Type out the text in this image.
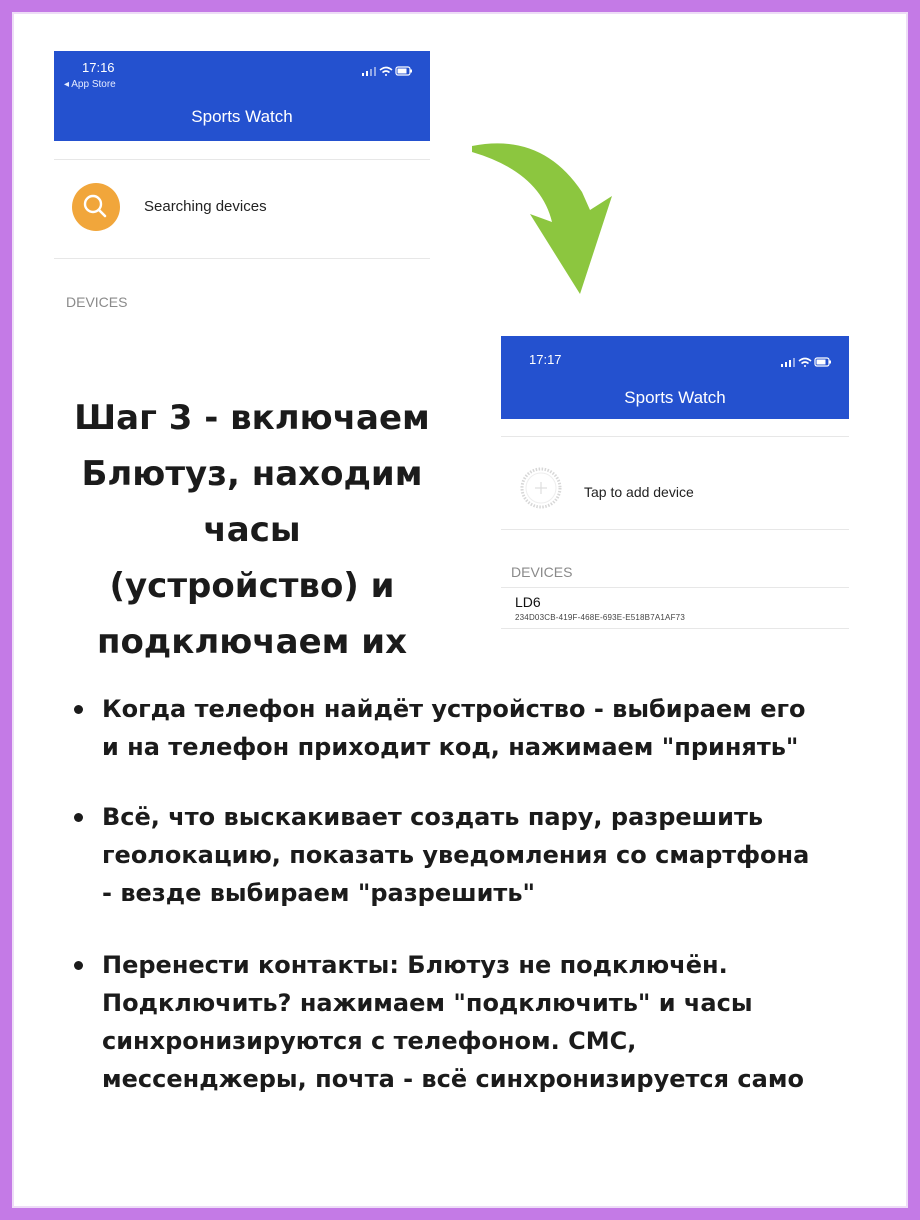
17:16
◂ App Store
Sports Watch
Searching devices
DEVICES
17:17
Sports Watch
Tap to add device
DEVICES
LD6
234D03CB-419F-468E-693E-E518B7A1AF73
Шаг 3 - включаем
Блютуз, находим часы
(устройство) и
подключаем их
Когда телефон найдёт устройство - выбираем его
и на телефон приходит код, нажимаем "принять"
Всё, что выскакивает создать пару, разрешить
геолокацию, показать уведомления со смартфона
- везде выбираем "разрешить"
Перенести контакты: Блютуз не подключён.
Подключить? нажимаем "подключить" и часы
синхронизируются с телефоном. СМС,
мессенджеры, почта - всё синхронизируется само
